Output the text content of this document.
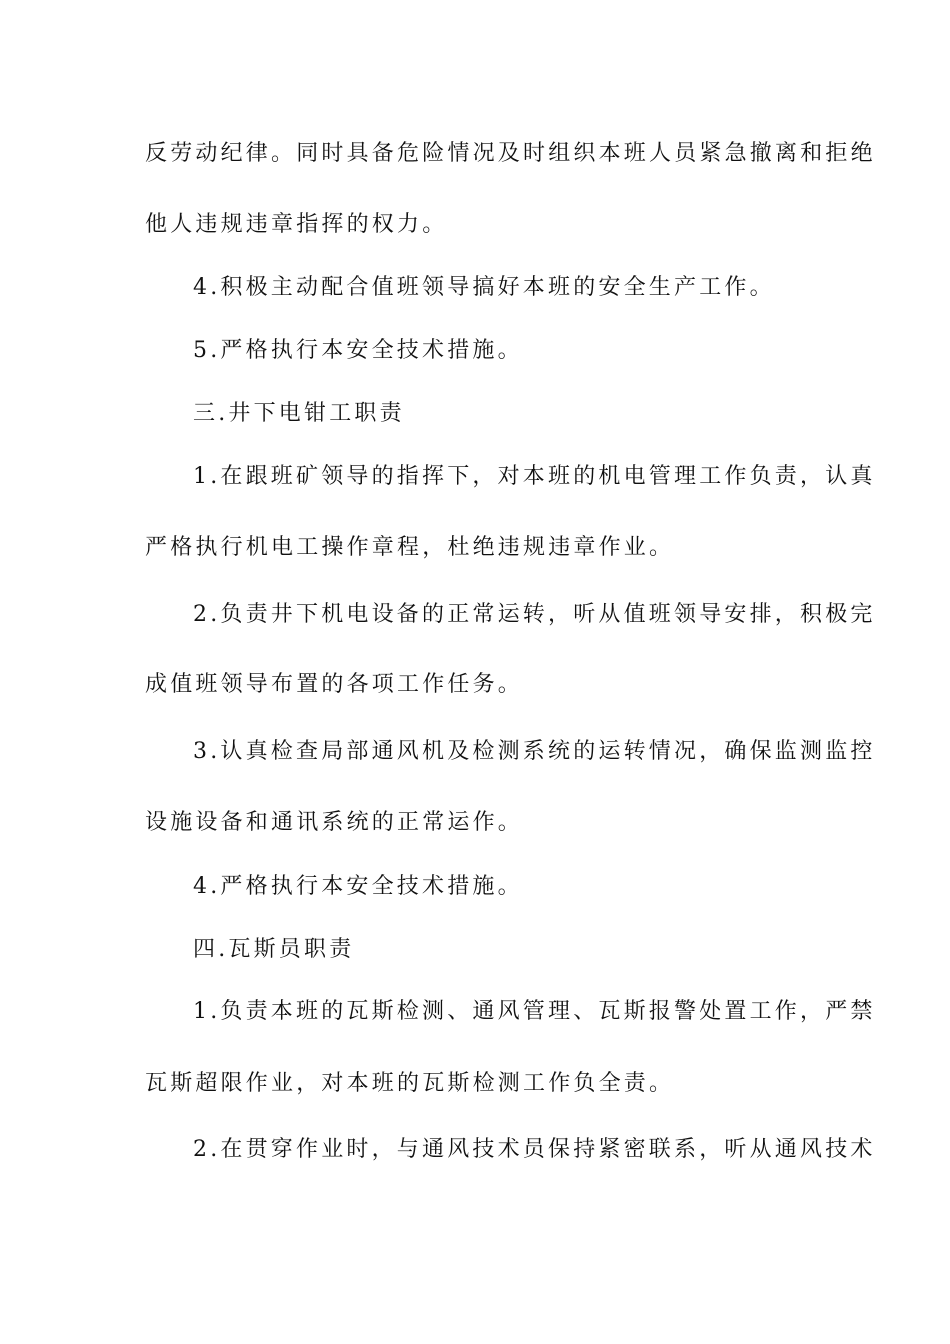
反劳动纪律。同时具备危险情况及时组织本班人员紧急撤离和拒绝
他人违规违章指挥的权力。
4.积极主动配合值班领导搞好本班的安全生产工作。
5.严格执行本安全技术措施。
三.井下电钳工职责
1.在跟班矿领导的指挥下，对本班的机电管理工作负责，认真
严格执行机电工操作章程，杜绝违规违章作业。
2.负责井下机电设备的正常运转，听从值班领导安排，积极完
成值班领导布置的各项工作任务。
3.认真检查局部通风机及检测系统的运转情况，确保监测监控
设施设备和通讯系统的正常运作。
4.严格执行本安全技术措施。
四.瓦斯员职责
1.负责本班的瓦斯检测、通风管理、瓦斯报警处置工作，严禁
瓦斯超限作业，对本班的瓦斯检测工作负全责。
2.在贯穿作业时，与通风技术员保持紧密联系，听从通风技术
